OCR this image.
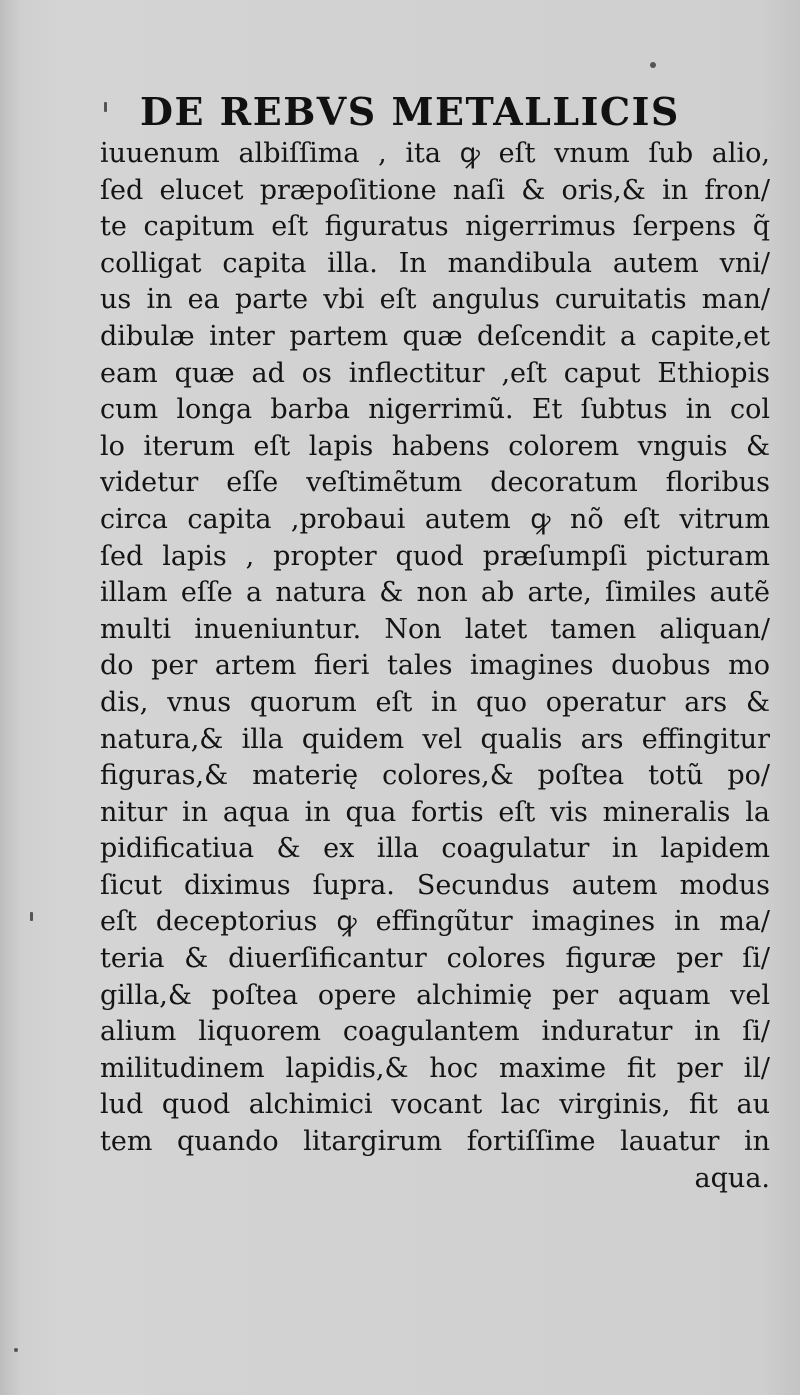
DE REBVS METALLICIS
iuuenum albiſſima , ita ꝙ eſt vnum ſub alio,
ſed elucet præpoſitione naſi & oris,& in fron/
te capitum eſt figuratus nigerrimus ſerpens q̃
colligat capita illa. In mandibula autem vni/
us in ea parte vbi eſt angulus curuitatis man/
dibulæ inter partem quæ deſcendit a capite,et
eam quæ ad os inflectitur ,eſt caput Ethiopis
cum longa barba nigerrimũ. Et ſubtus in col
lo iterum eſt lapis habens colorem vnguis &
videtur eſſe veſtimẽtum decoratum floribus
circa capita ,probaui autem ꝙ nõ eſt vitrum
ſed lapis , propter quod præſumpſi picturam
illam eſſe a natura & non ab arte, ſimiles autẽ
multi inueniuntur. Non latet tamen aliquan/
do per artem fieri tales imagines duobus mo
dis, vnus quorum eſt in quo operatur ars &
natura,& illa quidem vel qualis ars effingitur
figuras,& materię colores,& poſtea totũ po/
nitur in aqua in qua fortis eſt vis mineralis la
pidificatiua & ex illa coagulatur in lapidem
ſicut diximus ſupra. Secundus autem modus
eſt deceptorius ꝙ effingũtur imagines in ma/
teria & diuerſificantur colores figuræ per ſi/
gilla,& poſtea opere alchimię per aquam vel
alium liquorem coagulantem induratur in ſi/
militudinem lapidis,& hoc maxime fit per il/
lud quod alchimici vocant lac virginis, fit au
tem quando litargirum fortiſſime lauatur in
aqua.
